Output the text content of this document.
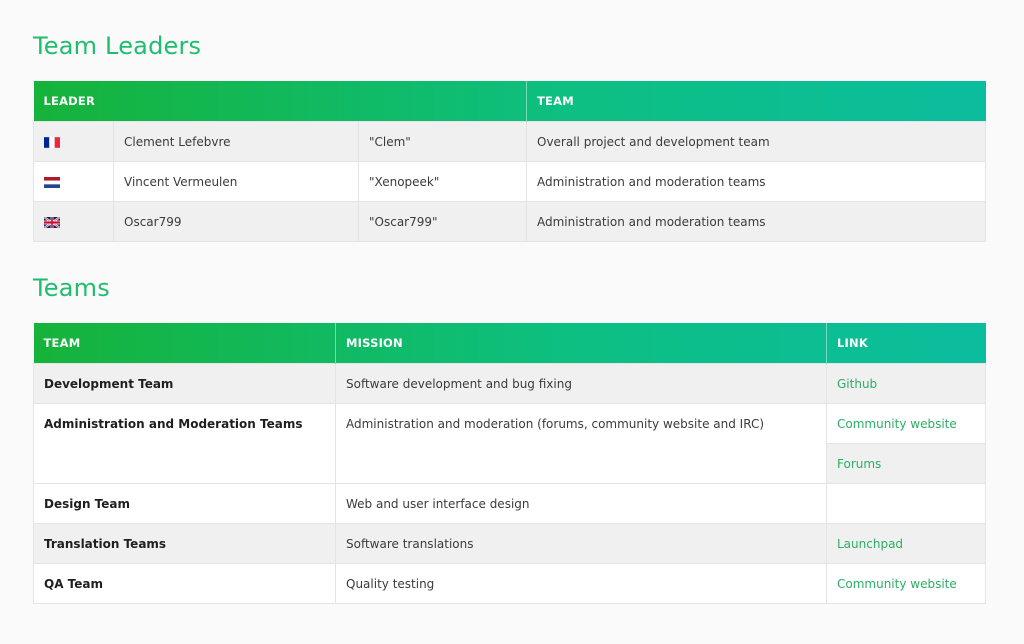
Team Leaders
LEADER			TEAM
	Clement Lefebvre	"Clem"	Overall project and development team
	Vincent Vermeulen	"Xenopeek"	Administration and moderation teams
	Oscar799	"Oscar799"	Administration and moderation teams
Teams
TEAM	MISSION	LINK
Development Team	Software development and bug fixing	Github
Administration and Moderation Teams	Administration and moderation (forums, community website and IRC)	Community website
		Forums
Design Team	Web and user interface design	
Translation Teams	Software translations	Launchpad
QA Team	Quality testing	Community website
